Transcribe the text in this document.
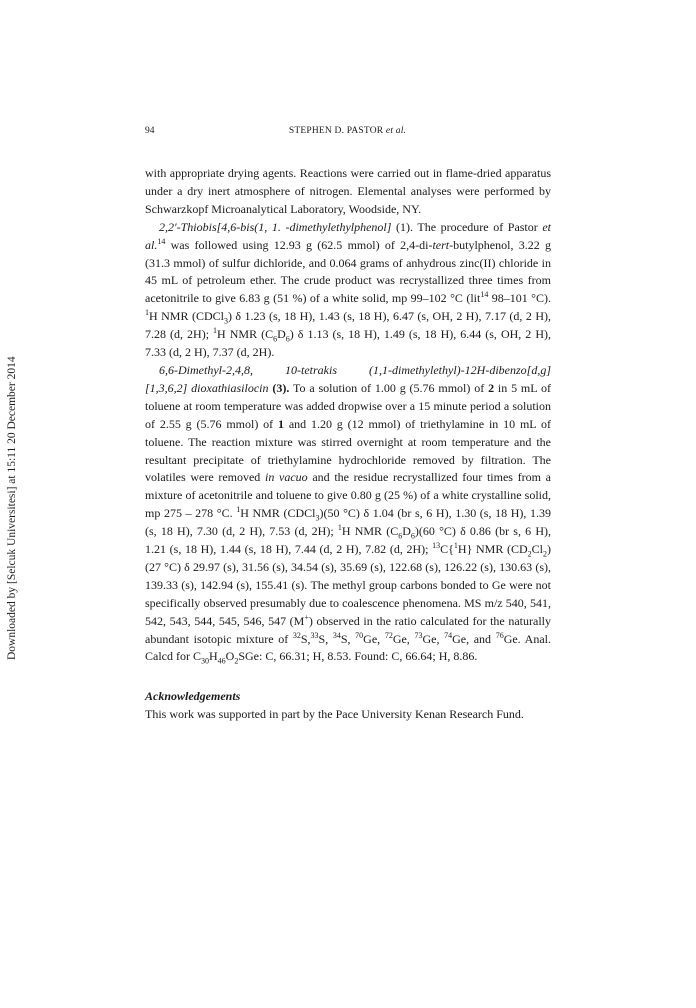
Downloaded by [Selcuk Universitesi] at 15:11 20 December 2014
94	STEPHEN D. PASTOR et al.

with appropriate drying agents. Reactions were carried out in flame-dried apparatus under a dry inert atmosphere of nitrogen. Elemental analyses were performed by Schwarzkopf Microanalytical Laboratory, Woodside, NY.

2,2′-Thiobis[4,6-bis(1, 1. -dimethylethylphenol] (1). The procedure of Pastor et al.$^{14}$ was followed using 12.93 g (62.5 mmol) of 2,4-di-tert-butylphenol, 3.22 g (31.3 mmol) of sulfur dichloride, and 0.064 grams of anhydrous zinc(II) chloride in 45 mL of petroleum ether. The crude product was recrystallized three times from acetonitrile to give 6.83 g (51 %) of a white solid, mp 99–102 °C (lit$^{14}$ 98–101 °C). $^1$H NMR (CDCl$_3$) δ 1.23 (s, 18 H), 1.43 (s, 18 H), 6.47 (s, OH, 2 H), 7.17 (d, 2 H), 7.28 (d, 2H); $^1$H NMR $(C_6D_6)$ δ 1.13 (s, 18 H), 1.49 (s, 18 H), 6.44 (s, OH, 2 H), 7.33 (d, 2 H), 7.37 (d, 2H).

6,6-Dimethyl-2,4,8,          10-tetrakis          (1,1-dimethylethyl)-12H-dibenzo[d,g][1,3,6,2] dioxathiasilocin (3). To a solution of 1.00 g (5.76 mmol) of 2 in 5 mL of toluene at room temperature was added dropwise over a 15 minute period a solution of 2.55 g (5.76 mmol) of 1 and 1.20 g (12 mmol) of triethylamine in 10 mL of toluene. The reaction mixture was stirred overnight at room temperature and the resultant precipitate of triethylamine hydrochloride removed by filtration. The volatiles were removed in vacuo and the residue recrystallized four times from a mixture of acetonitrile and toluene to give 0.80 g (25 %) of a white crystalline solid, mp 275 – 278 °C. $^1$H NMR (CDCl$_3$)(50 °C) δ 1.04 (br s, 6 H), 1.30 (s, 18 H), 1.39 (s, 18 H), 7.30 (d, 2 H), 7.53 (d, 2H); $^1$H NMR $(C_6D_6)(60$ °C) δ 0.86 (br s, 6 H), 1.21 (s, 18 H), 1.44 (s, 18 H), 7.44 (d, 2 H), 7.82 (d, 2H); $^{13}$C{$^1$H} NMR $(CD_2Cl_2)(27$ °C) δ 29.97 (s), 31.56 (s), 34.54 (s), 35.69 (s), 122.68 (s), 126.22 (s), 130.63 (s), 139.33 (s), 142.94 (s), 155.41 (s). The methyl group carbons bonded to Ge were not specifically observed presumably due to coalescence phenomena. MS m/z 540, 541, 542, 543, 544, 545, 546, 547 (M+) observed in the ratio calculated for the naturally abundant isotopic mixture of $^{32}$S,$^{33}$S, $^{34}$S, $^{70}$Ge, $^{72}$Ge, $^{73}$Ge, $^{74}$Ge, and $^{76}$Ge. Anal. Calcd for $C_{30}H_{46}O_2SGe$: C, 66.31; H, 8.53. Found: C, 66.64; H, 8.86.

Acknowledgements

This work was supported in part by the Pace University Kenan Research Fund.
